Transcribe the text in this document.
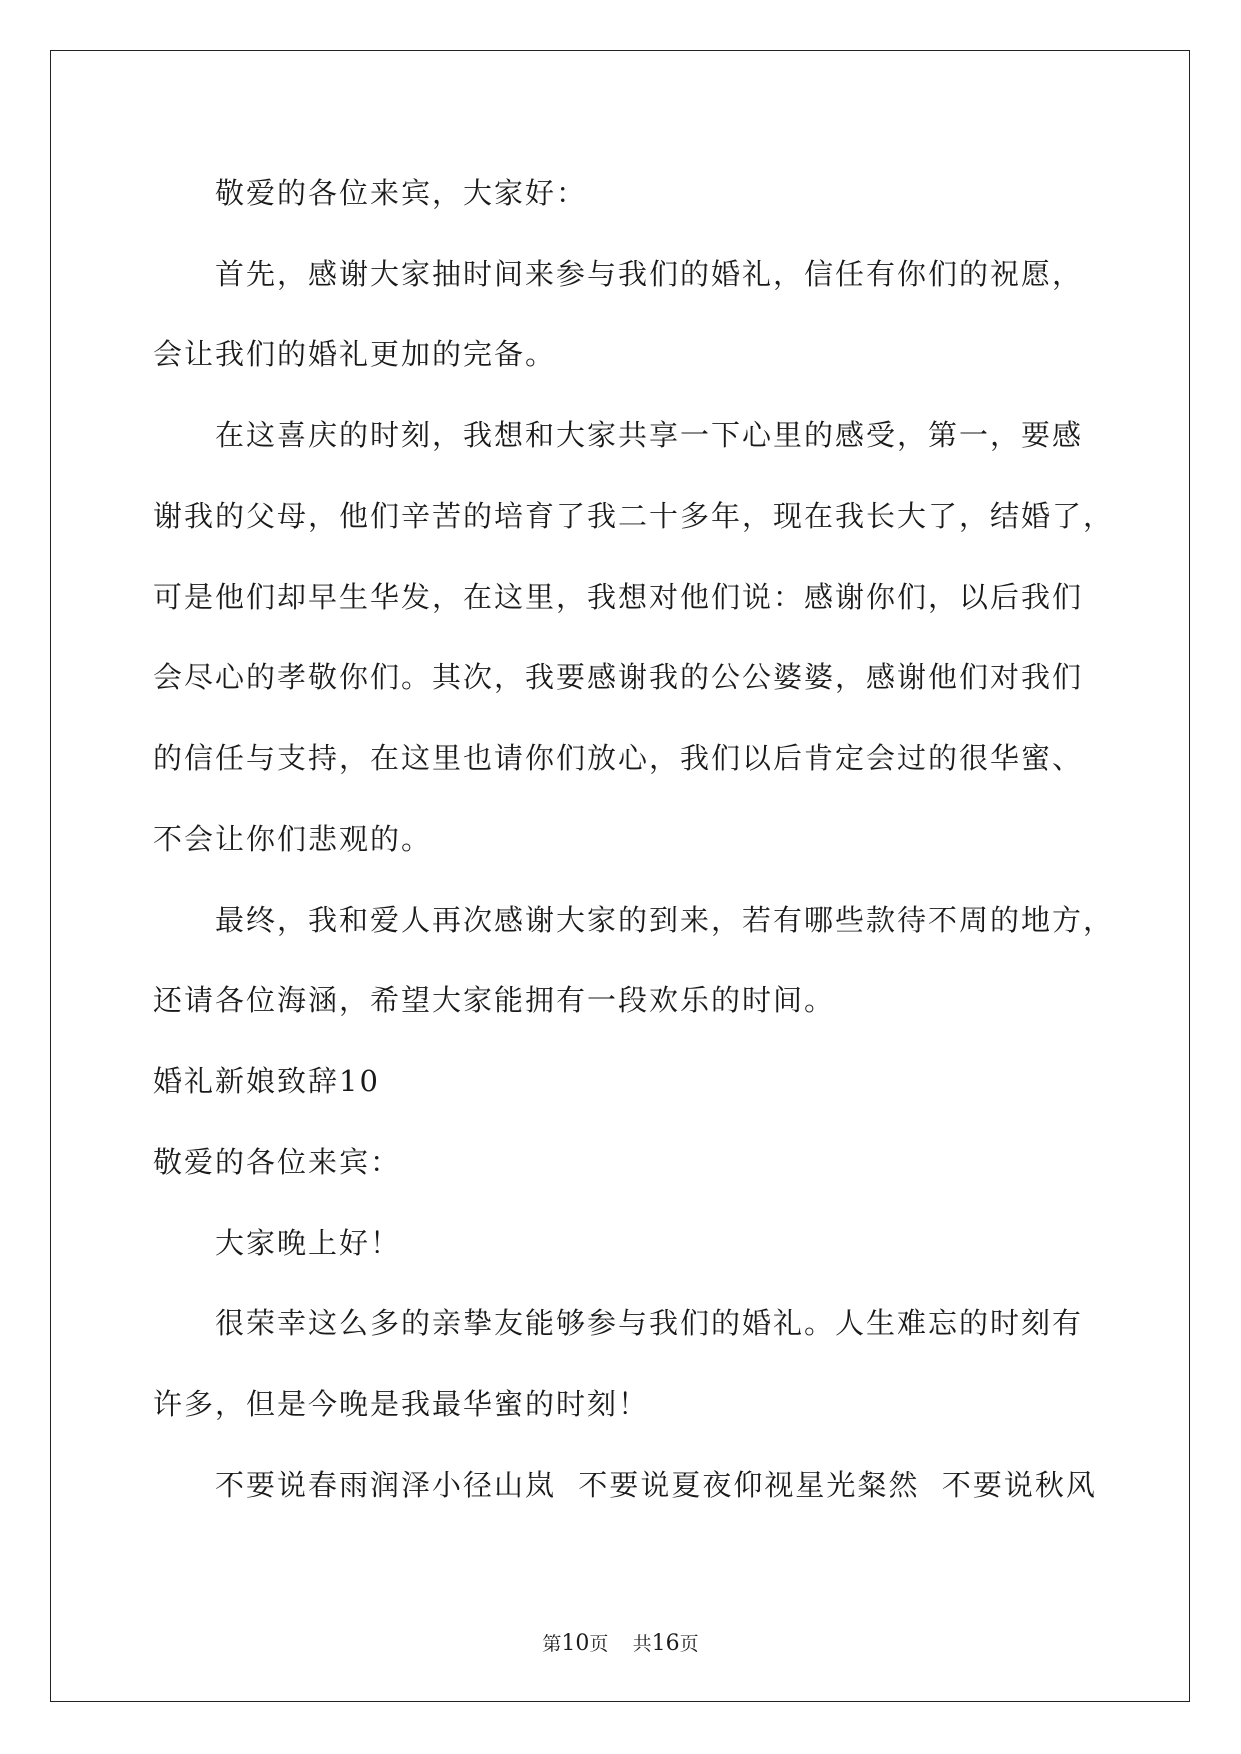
敬爱的各位来宾，大家好：
首先，感谢大家抽时间来参与我们的婚礼，信任有你们的祝愿，
会让我们的婚礼更加的完备。
在这喜庆的时刻，我想和大家共享一下心里的感受，第一，要感
谢我的父母，他们辛苦的培育了我二十多年，现在我长大了，结婚了，
可是他们却早生华发，在这里，我想对他们说：感谢你们，以后我们
会尽心的孝敬你们。其次，我要感谢我的公公婆婆，感谢他们对我们
的信任与支持，在这里也请你们放心，我们以后肯定会过的很华蜜、
不会让你们悲观的。
最终，我和爱人再次感谢大家的到来，若有哪些款待不周的地方，
还请各位海涵，希望大家能拥有一段欢乐的时间。
婚礼新娘致辞10
敬爱的各位来宾：
大家晚上好！
很荣幸这么多的亲挚友能够参与我们的婚礼。人生难忘的时刻有
许多，但是今晚是我最华蜜的时刻！
不要说春雨润泽小径山岚  不要说夏夜仰视星光粲然  不要说秋风
第10页    共16页
